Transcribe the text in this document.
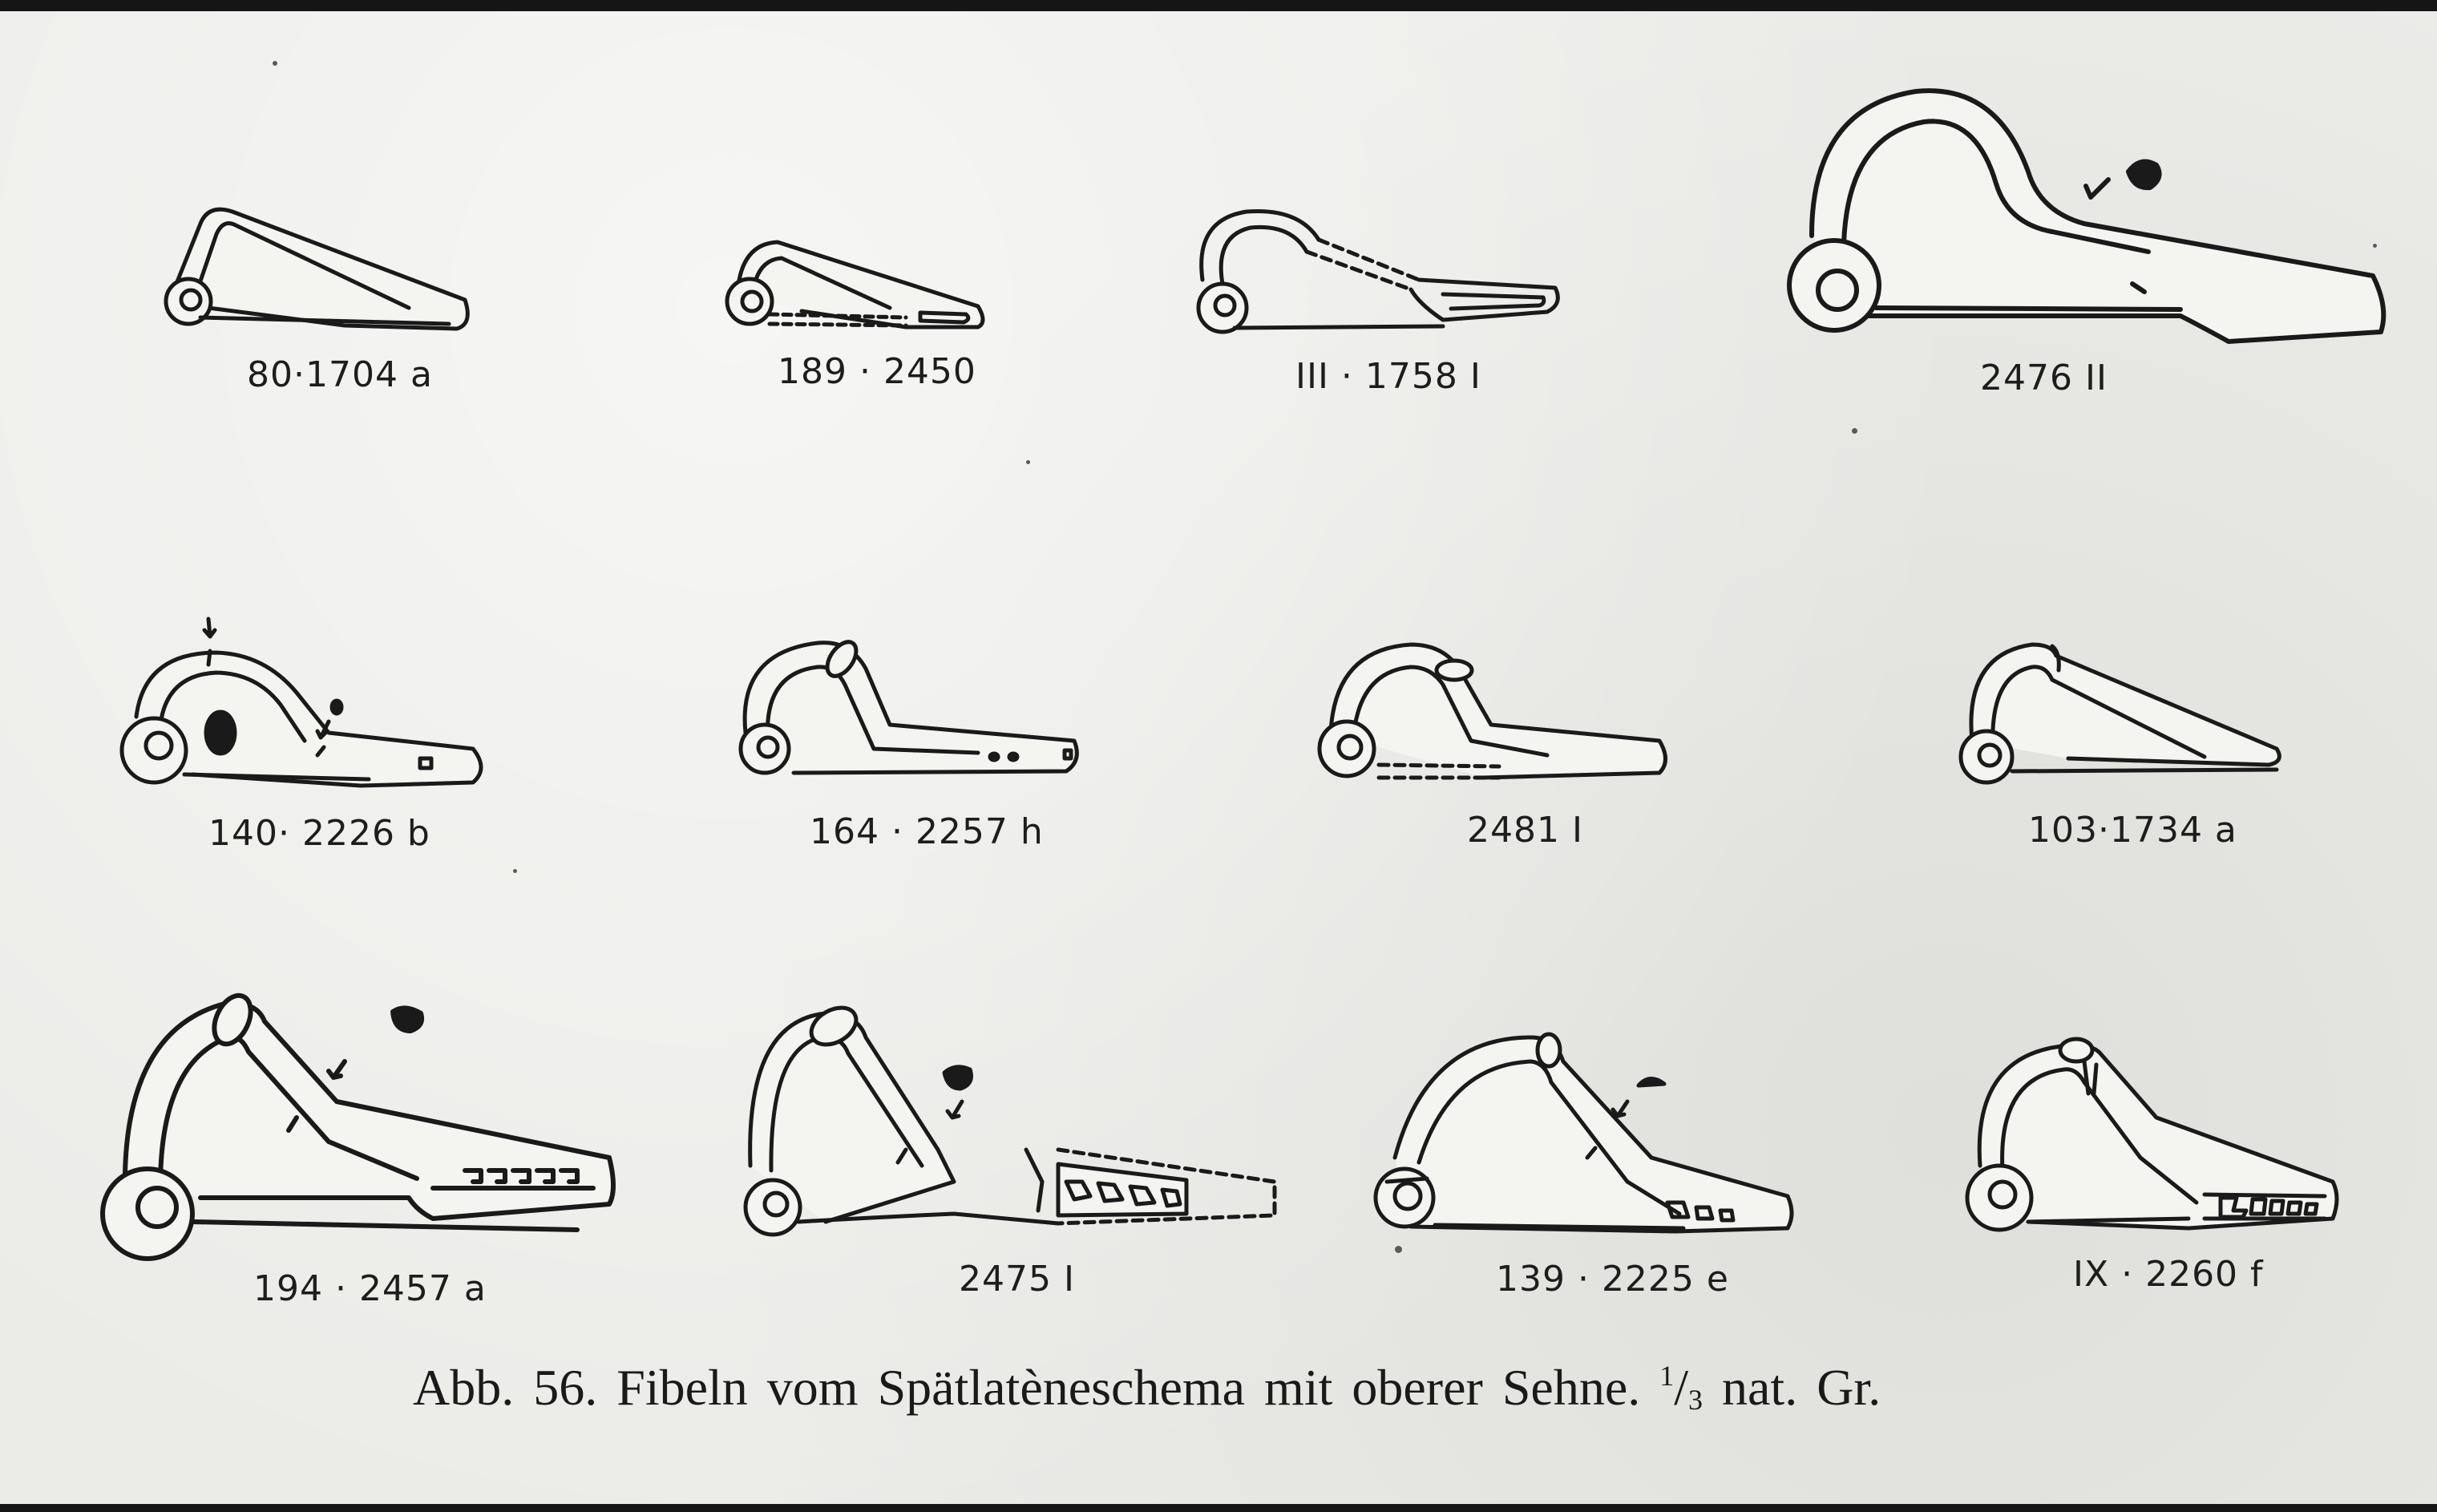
80·1704 a	189 · 2450	III · 1758 I	2476 II
140· 2226 b	164 · 2257 h	2481 I	103·1734 a
194 · 2457 a	2475 I	139 · 2225 e	IX · 2260 f
Abb. 56. Fibeln vom Spätlatèneschema mit oberer Sehne. $^1$/3 nat. Gr.
